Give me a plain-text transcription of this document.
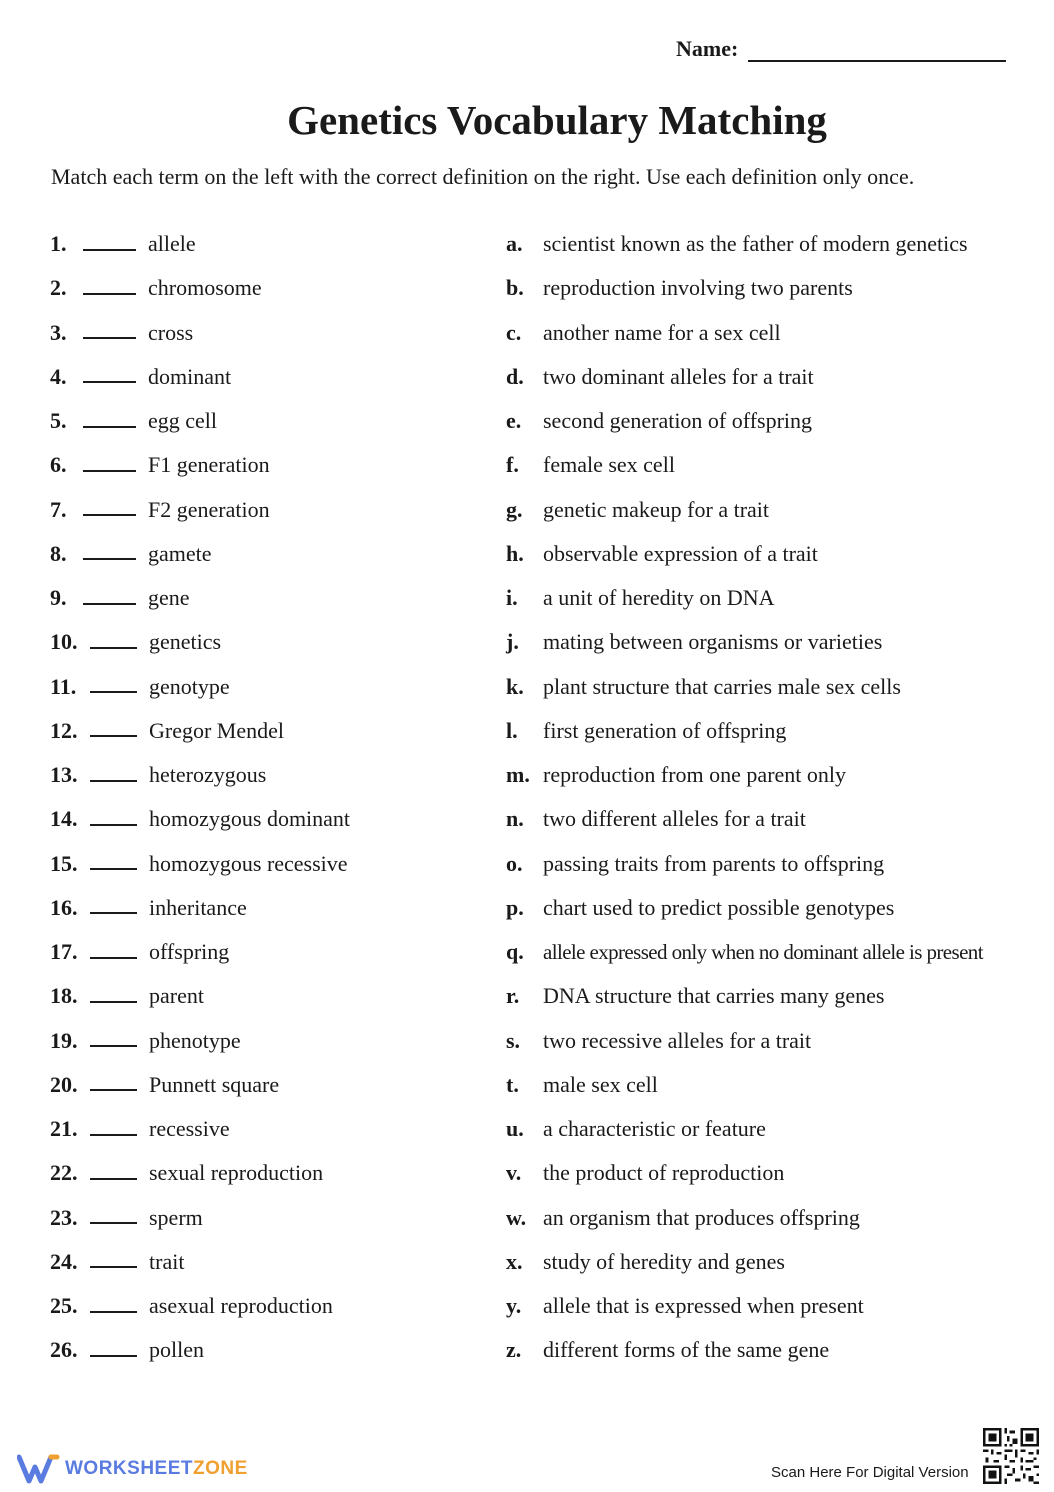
Name:
Genetics Vocabulary Matching
Match each term on the left with the correct definition on the right. Use each definition only once.
1.	allele
2.	chromosome
3.	cross
4.	dominant
5.	egg cell
6.	F1 generation
7.	F2 generation
8.	gamete
9.	gene
10.	genetics
11.	genotype
12.	Gregor Mendel
13.	heterozygous
14.	homozygous dominant
15.	homozygous recessive
16.	inheritance
17.	offspring
18.	parent
19.	phenotype
20.	Punnett square
21.	recessive
22.	sexual reproduction
23.	sperm
24.	trait
25.	asexual reproduction
26.	pollen
a. scientist known as the father of modern genetics
b. reproduction involving two parents
c. another name for a sex cell
d. two dominant alleles for a trait
e. second generation of offspring
f.	female sex cell
g. genetic makeup for a trait
h. observable expression of a trait
i.	a unit of heredity on DNA
j.	mating between organisms or varieties
k. plant structure that carries male sex cells
l.	first generation of offspring
m. reproduction from one parent only
n. two different alleles for a trait
o. passing traits from parents to offspring
p. chart used to predict possible genotypes
q. allele expressed only when no dominant allele is present
r.	DNA structure that carries many genes
s.	two recessive alleles for a trait
t.	male sex cell
u. a characteristic or feature
v. the product of reproduction
w. an organism that produces offspring
x. study of heredity and genes
y. allele that is expressed when present
z. different forms of the same gene
WORKSHEETZONE	Scan Here For Digital Version
